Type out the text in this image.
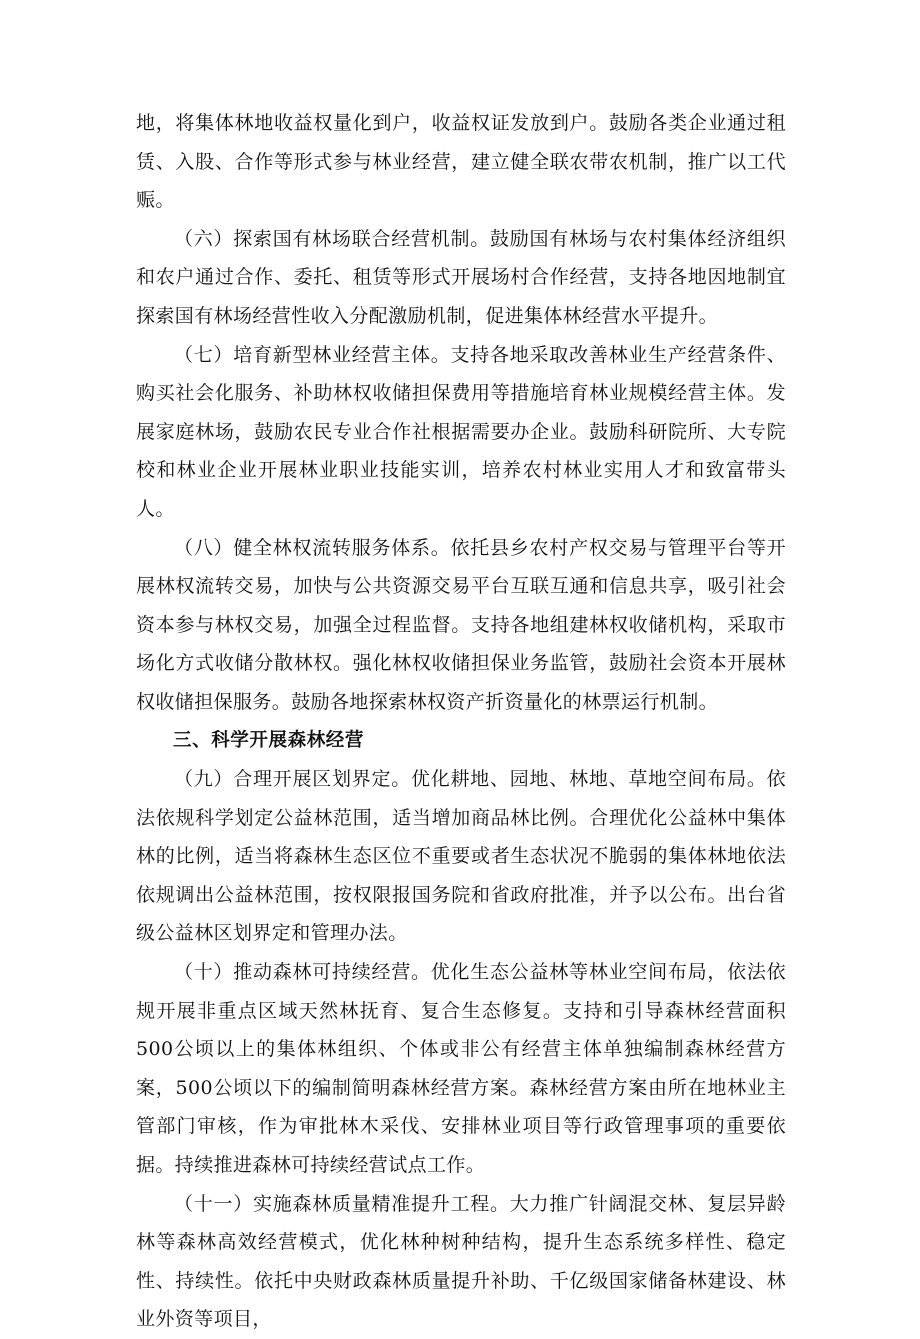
地，将集体林地收益权量化到户，收益权证发放到户。鼓励各类企业通过租赁、入股、合作等形式参与林业经营，建立健全联农带农机制，推广以工代赈。

（六）探索国有林场联合经营机制。鼓励国有林场与农村集体经济组织和农户通过合作、委托、租赁等形式开展场村合作经营，支持各地因地制宜探索国有林场经营性收入分配激励机制，促进集体林经营水平提升。

（七）培育新型林业经营主体。支持各地采取改善林业生产经营条件、购买社会化服务、补助林权收储担保费用等措施培育林业规模经营主体。发展家庭林场，鼓励农民专业合作社根据需要办企业。鼓励科研院所、大专院校和林业企业开展林业职业技能实训，培养农村林业实用人才和致富带头人。

（八）健全林权流转服务体系。依托县乡农村产权交易与管理平台等开展林权流转交易，加快与公共资源交易平台互联互通和信息共享，吸引社会资本参与林权交易，加强全过程监督。支持各地组建林权收储机构，采取市场化方式收储分散林权。强化林权收储担保业务监管，鼓励社会资本开展林权收储担保服务。鼓励各地探索林权资产折资量化的林票运行机制。

三、科学开展森林经营

（九）合理开展区划界定。优化耕地、园地、林地、草地空间布局。依法依规科学划定公益林范围，适当增加商品林比例。合理优化公益林中集体林的比例，适当将森林生态区位不重要或者生态状况不脆弱的集体林地依法依规调出公益林范围，按权限报国务院和省政府批准，并予以公布。出台省级公益林区划界定和管理办法。

（十）推动森林可持续经营。优化生态公益林等林业空间布局，依法依规开展非重点区域天然林抚育、复合生态修复。支持和引导森林经营面积500公顷以上的集体林组织、个体或非公有经营主体单独编制森林经营方案，500公顷以下的编制简明森林经营方案。森林经营方案由所在地林业主管部门审核，作为审批林木采伐、安排林业项目等行政管理事项的重要依据。持续推进森林可持续经营试点工作。

（十一）实施森林质量精准提升工程。大力推广针阔混交林、复层异龄林等森林高效经营模式，优化林种树种结构，提升生态系统多样性、稳定性、持续性。依托中央财政森林质量提升补助、千亿级国家储备林建设、林业外资等项目，
